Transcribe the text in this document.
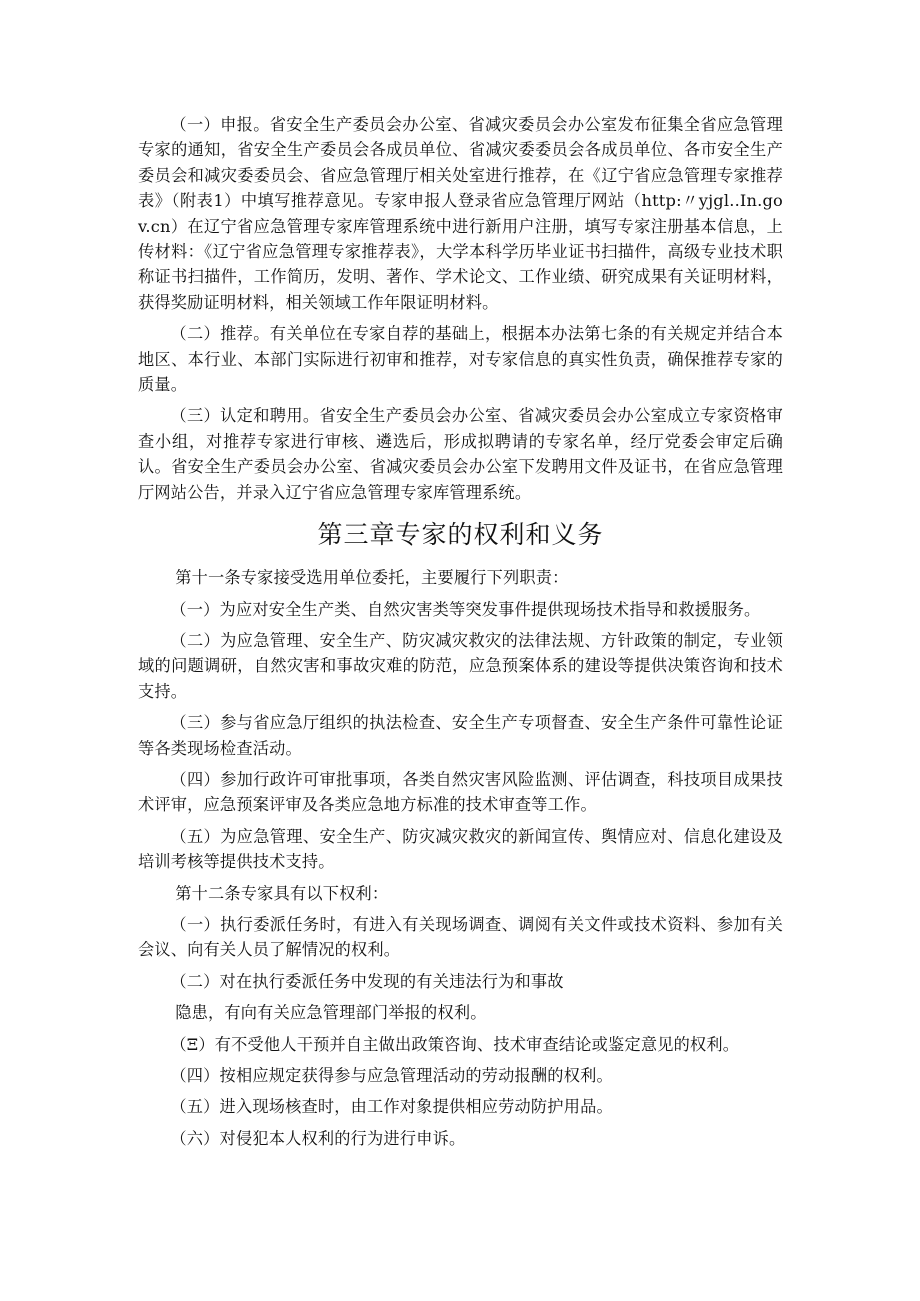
（一）申报。省安全生产委员会办公室、省减灾委员会办公室发布征集全省应急管理专家的通知，省安全生产委员会各成员单位、省减灾委委员会各成员单位、各市安全生产委员会和减灾委委员会、省应急管理厅相关处室进行推荐，在《辽宁省应急管理专家推荐表》（附表1）中填写推荐意见。专家申报人登录省应急管理厅网站（http:〃yjgl..In.gov.cn）在辽宁省应急管理专家库管理系统中进行新用户注册，填写专家注册基本信息，上传材料：《辽宁省应急管理专家推荐表》，大学本科学历毕业证书扫描件，高级专业技术职称证书扫描件，工作简历，发明、著作、学术论文、工作业绩、研究成果有关证明材料，获得奖励证明材料，相关领域工作年限证明材料。

（二）推荐。有关单位在专家自荐的基础上，根据本办法第七条的有关规定并结合本地区、本行业、本部门实际进行初审和推荐，对专家信息的真实性负责，确保推荐专家的质量。

（三）认定和聘用。省安全生产委员会办公室、省减灾委员会办公室成立专家资格审查小组，对推荐专家进行审核、遴选后，形成拟聘请的专家名单，经厅党委会审定后确认。省安全生产委员会办公室、省减灾委员会办公室下发聘用文件及证书，在省应急管理厅网站公告，并录入辽宁省应急管理专家库管理系统。

第三章专家的权利和义务

第十一条专家接受选用单位委托，主要履行下列职责：

（一）为应对安全生产类、自然灾害类等突发事件提供现场技术指导和救援服务。

（二）为应急管理、安全生产、防灾减灾救灾的法律法规、方针政策的制定，专业领域的问题调研，自然灾害和事故灾难的防范，应急预案体系的建设等提供决策咨询和技术支持。

（三）参与省应急厅组织的执法检查、安全生产专项督查、安全生产条件可靠性论证等各类现场检查活动。

（四）参加行政许可审批事项，各类自然灾害风险监测、评估调查，科技项目成果技术评审，应急预案评审及各类应急地方标准的技术审查等工作。

（五）为应急管理、安全生产、防灾减灾救灾的新闻宣传、舆情应对、信息化建设及培训考核等提供技术支持。

第十二条专家具有以下权利：

（一）执行委派任务时，有进入有关现场调查、调阅有关文件或技术资料、参加有关会议、向有关人员了解情况的权利。

（二）对在执行委派任务中发现的有关违法行为和事故

隐患，有向有关应急管理部门举报的权利。

（Ξ）有不受他人干预并自主做出政策咨询、技术审查结论或鉴定意见的权利。

（四）按相应规定获得参与应急管理活动的劳动报酬的权利。

（五）进入现场核查时，由工作对象提供相应劳动防护用品。

（六）对侵犯本人权利的行为进行申诉。
